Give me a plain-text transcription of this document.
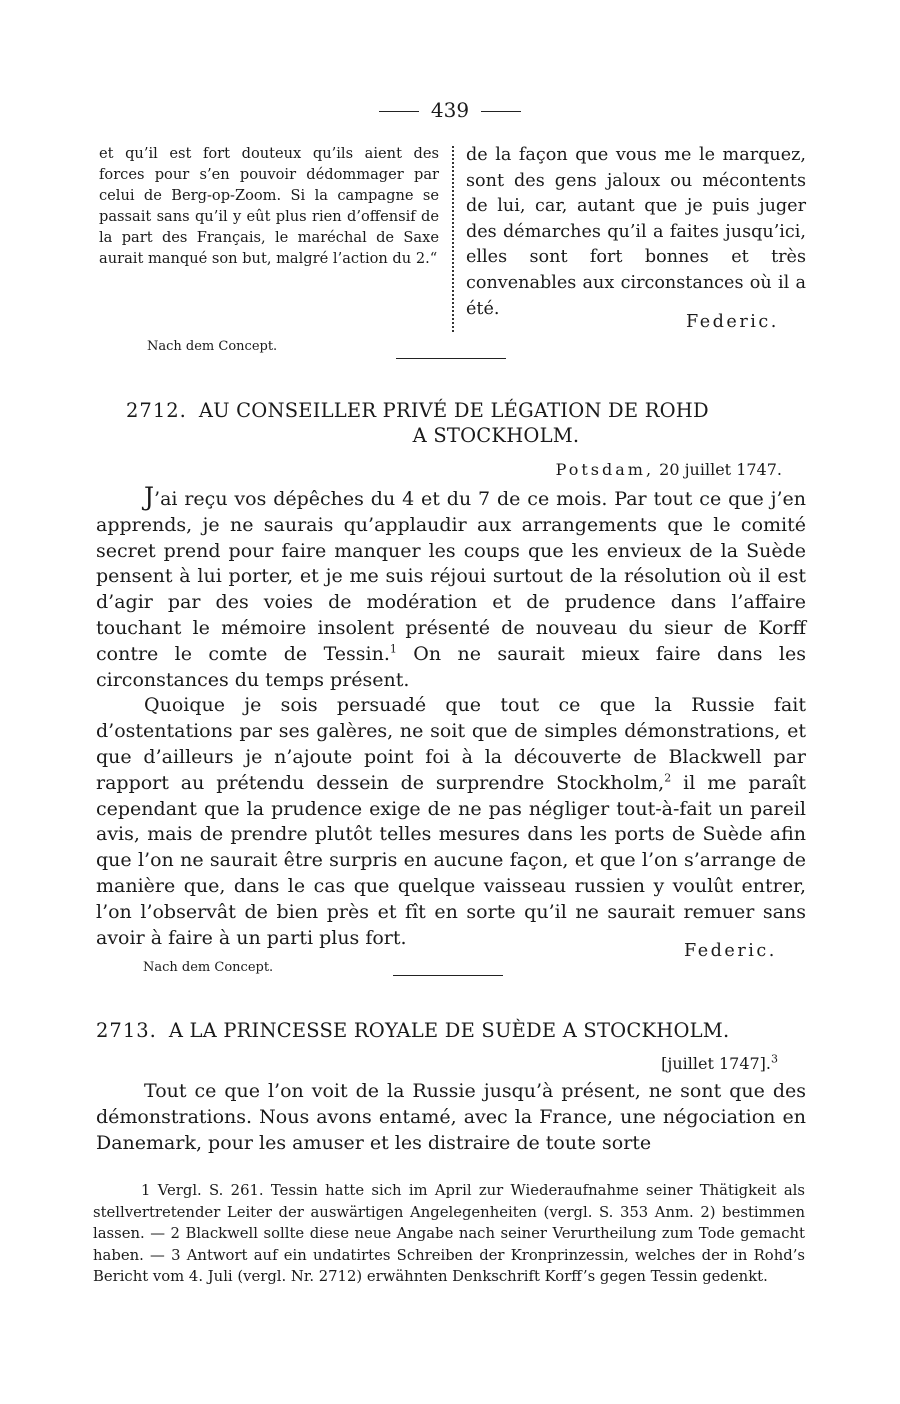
439
et qu’il est fort douteux qu’ils aient des forces pour s’en pouvoir dédommager par celui de Berg-op-Zoom. Si la campagne se passait sans qu’il y eût plus rien d’offensif de la part des Français, le maréchal de Saxe aurait manqué son but, malgré l’action du 2.“
de la façon que vous me le marquez, sont des gens jaloux ou mécontents de lui, car, autant que je puis juger des démarches qu’il a faites jusqu’ici, elles sont fort bonnes et très convenables aux circonstances où il a été.
Federic.
Nach dem Concept.
2712. AU CONSEILLER PRIVÉ DE LÉGATION DE ROHD
A STOCKHOLM.
Potsdam, 20 juillet 1747.

J’ai reçu vos dépêches du 4 et du 7 de ce mois. Par tout ce que j’en apprends, je ne saurais qu’applaudir aux arrangements que le comité secret prend pour faire manquer les coups que les envieux de la Suède pensent à lui porter, et je me suis réjoui surtout de la résolution où il est d’agir par des voies de modération et de prudence dans l’affaire touchant le mémoire insolent présenté de nouveau du sieur de Korff contre le comte de Tessin.$^1$ On ne saurait mieux faire dans les circonstances du temps présent.

Quoique je sois persuadé que tout ce que la Russie fait d’ostentations par ses galères, ne soit que de simples démonstrations, et que d’ailleurs je n’ajoute point foi à la découverte de Blackwell par rapport au prétendu dessein de surprendre Stockholm,$^2$ il me paraît cependant que la prudence exige de ne pas négliger tout-à-fait un pareil avis, mais de prendre plutôt telles mesures dans les ports de Suède afin que l’on ne saurait être surpris en aucune façon, et que l’on s’arrange de manière que, dans le cas que quelque vaisseau russien y voulût entrer, l’on l’observât de bien près et fît en sorte qu’il ne saurait remuer sans avoir à faire à un parti plus fort.

Federic.
Nach dem Concept.
2713. A LA PRINCESSE ROYALE DE SUÈDE A STOCKHOLM.
[juillet 1747].$^3$

Tout ce que l’on voit de la Russie jusqu’à présent, ne sont que des démonstrations. Nous avons entamé, avec la France, une négociation en Danemark, pour les amuser et les distraire de toute sorte

1 Vergl. S. 261. Tessin hatte sich im April zur Wiederaufnahme seiner Thätigkeit als stellvertretender Leiter der auswärtigen Angelegenheiten (vergl. S. 353 Anm. 2) bestimmen lassen. — 2 Blackwell sollte diese neue Angabe nach seiner Verurtheilung zum Tode gemacht haben. — 3 Antwort auf ein undatirtes Schreiben der Kronprinzessin, welches der in Rohd’s Bericht vom 4. Juli (vergl. Nr. 2712) erwähnten Denkschrift Korff’s gegen Tessin gedenkt.
